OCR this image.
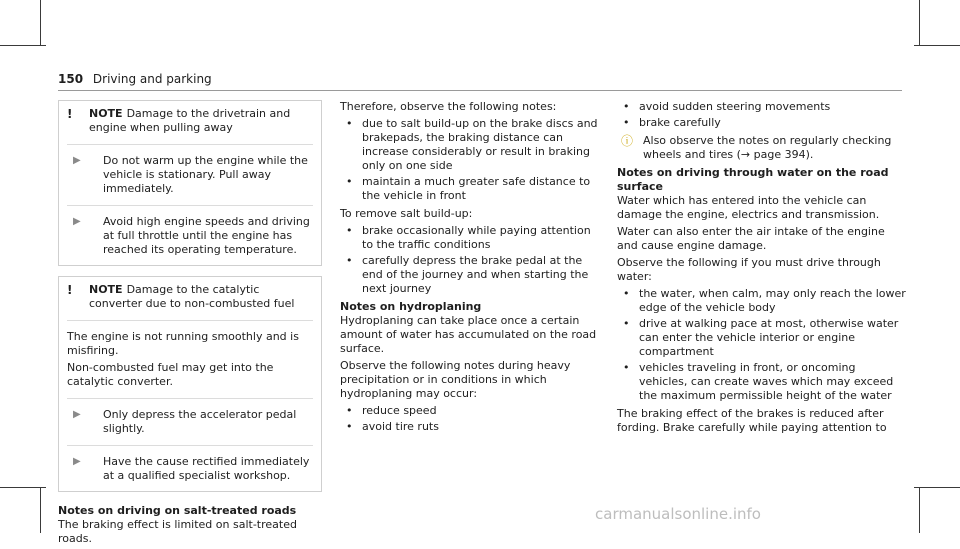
150 Driving and parking
!	NOTE Damage to the drivetrain and engine when pulling away
▶	Do not warm up the engine while the vehicle is stationary. Pull away immediately.
▶	Avoid high engine speeds and driving at full throttle until the engine has reached its operating temperature.
!	NOTE Damage to the catalytic converter due to non-combusted fuel

The engine is not running smoothly and is misfiring.

Non-combusted fuel may get into the catalytic converter.

▶	Only depress the accelerator pedal slightly.
▶	Have the cause rectified immediately at a qualified specialist workshop.

Notes on driving on salt-treated roads

The braking effect is limited on salt-treated roads.

Therefore, observe the following notes:

• due to salt build-up on the brake discs and brakepads, the braking distance can increase considerably or result in braking only on one side
• maintain a much greater safe distance to the vehicle in front

To remove salt build-up:

• brake occasionally while paying attention to the traffic conditions
• carefully depress the brake pedal at the end of the journey and when starting the next journey

Notes on hydroplaning

Hydroplaning can take place once a certain amount of water has accumulated on the road surface.

Observe the following notes during heavy precipitation or in conditions in which hydroplaning may occur:

• reduce speed
• avoid tire ruts
• avoid sudden steering movements
• brake carefully
ⓘ Also observe the notes on regularly checking wheels and tires (→ page 394).

Notes on driving through water on the road surface

Water which has entered into the vehicle can damage the engine, electrics and transmission.

Water can also enter the air intake of the engine and cause engine damage.

Observe the following if you must drive through water:

• the water, when calm, may only reach the lower edge of the vehicle body
• drive at walking pace at most, otherwise water can enter the vehicle interior or engine compartment
• vehicles traveling in front, or oncoming vehicles, can create waves which may exceed the maximum permissible height of the water

The braking effect of the brakes is reduced after fording. Brake carefully while paying attention to

carmanualsonline.info
